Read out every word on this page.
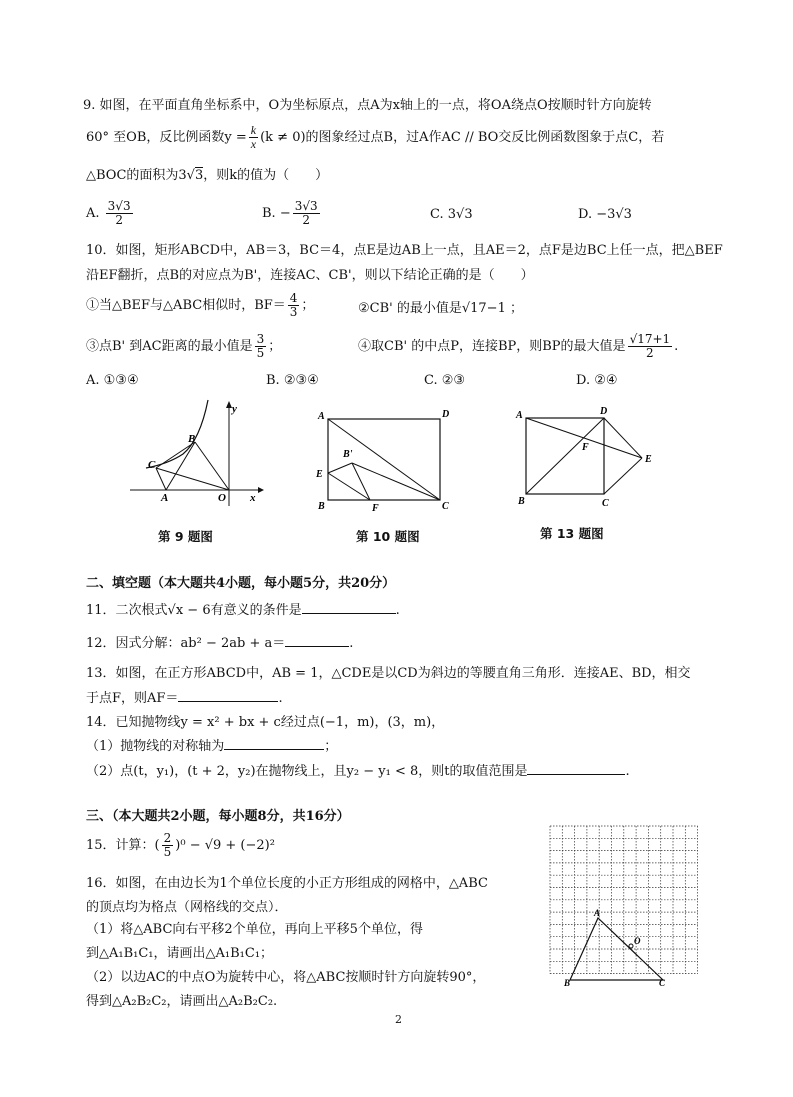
9. 如图，在平面直角坐标系中，O为坐标原点，点A为x轴上的一点，将OA绕点O按顺时针方向旋转
60° 至OB，反比例函数$y = \frac{k}{x} (k \ne 0)$的图象经过点B，过A作AC // BO交反比例函数图象于点C，若
△BOC的面积为3√3，则k的值为（　　）
A. $\frac{3√3}{2}$	B. − $\frac{3√3}{2}$	C. 3√3	D. −3√3
10．如图，矩形ABCD中，AB＝3，BC＝4，点E是边AB上一点，且AE＝2，点F是边BC上任一点，把△BEF
沿EF翻折，点B的对应点为B'，连接AC、CB'，则以下结论正确的是（　　）
①当△BEF与△ABC相似时，$BF= \frac{4}{3}$ ；	②CB' 的最小值是√17−1 ；
③点B' 到AC距离的最小值是 $\frac{3}{5}$ ；	④取CB' 的中点P，连接BP，则BP的最大值是 $\frac{√17+1}{2}$ .
A. ①③④	B. ②③④	C. ②③	D. ②④
y
x
B
C
A	O
第 9 题图
A	D
E
B'
B	F	C
第 10 题图
A	D
F
E
B	C
第 13 题图
二、填空题（本大题共4小题，每小题5分，共20分）
11．二次根式√x − 6有意义的条件是	.
12．因式分解：ab² − 2ab + a＝	.
13．如图，在正方形ABCD中，AB = 1，△CDE是以CD为斜边的等腰直角三角形．连接AE、BD，相交
于点F，则AF＝	.
14．已知抛物线y = x² + bx + c经过点(−1，m)，(3，m)，
（1）抛物线的对称轴为	；
（2）点(t，y₁)，(t + 2，y₂)在抛物线上，且y₂ − y₁ < 8，则t的取值范围是	.
三、（本大题共2小题，每小题8分，共16分）
15．计算：( $\frac{2}{5} )^0 - √9 + (-2)^2$
16．如图，在由边长为1个单位长度的小正方形组成的网格中，△ABC
的顶点均为格点（网格线的交点）．
（1）将△ABC向右平移2个单位，再向上平移5个单位，得
到△A₁B₁C₁，请画出△A₁B₁C₁；
（2）以边AC的中点O为旋转中心，将△ABC按顺时针方向旋转90°，
得到△A₂B₂C₂，请画出△A₂B₂C₂.
A
B	C
O
2
